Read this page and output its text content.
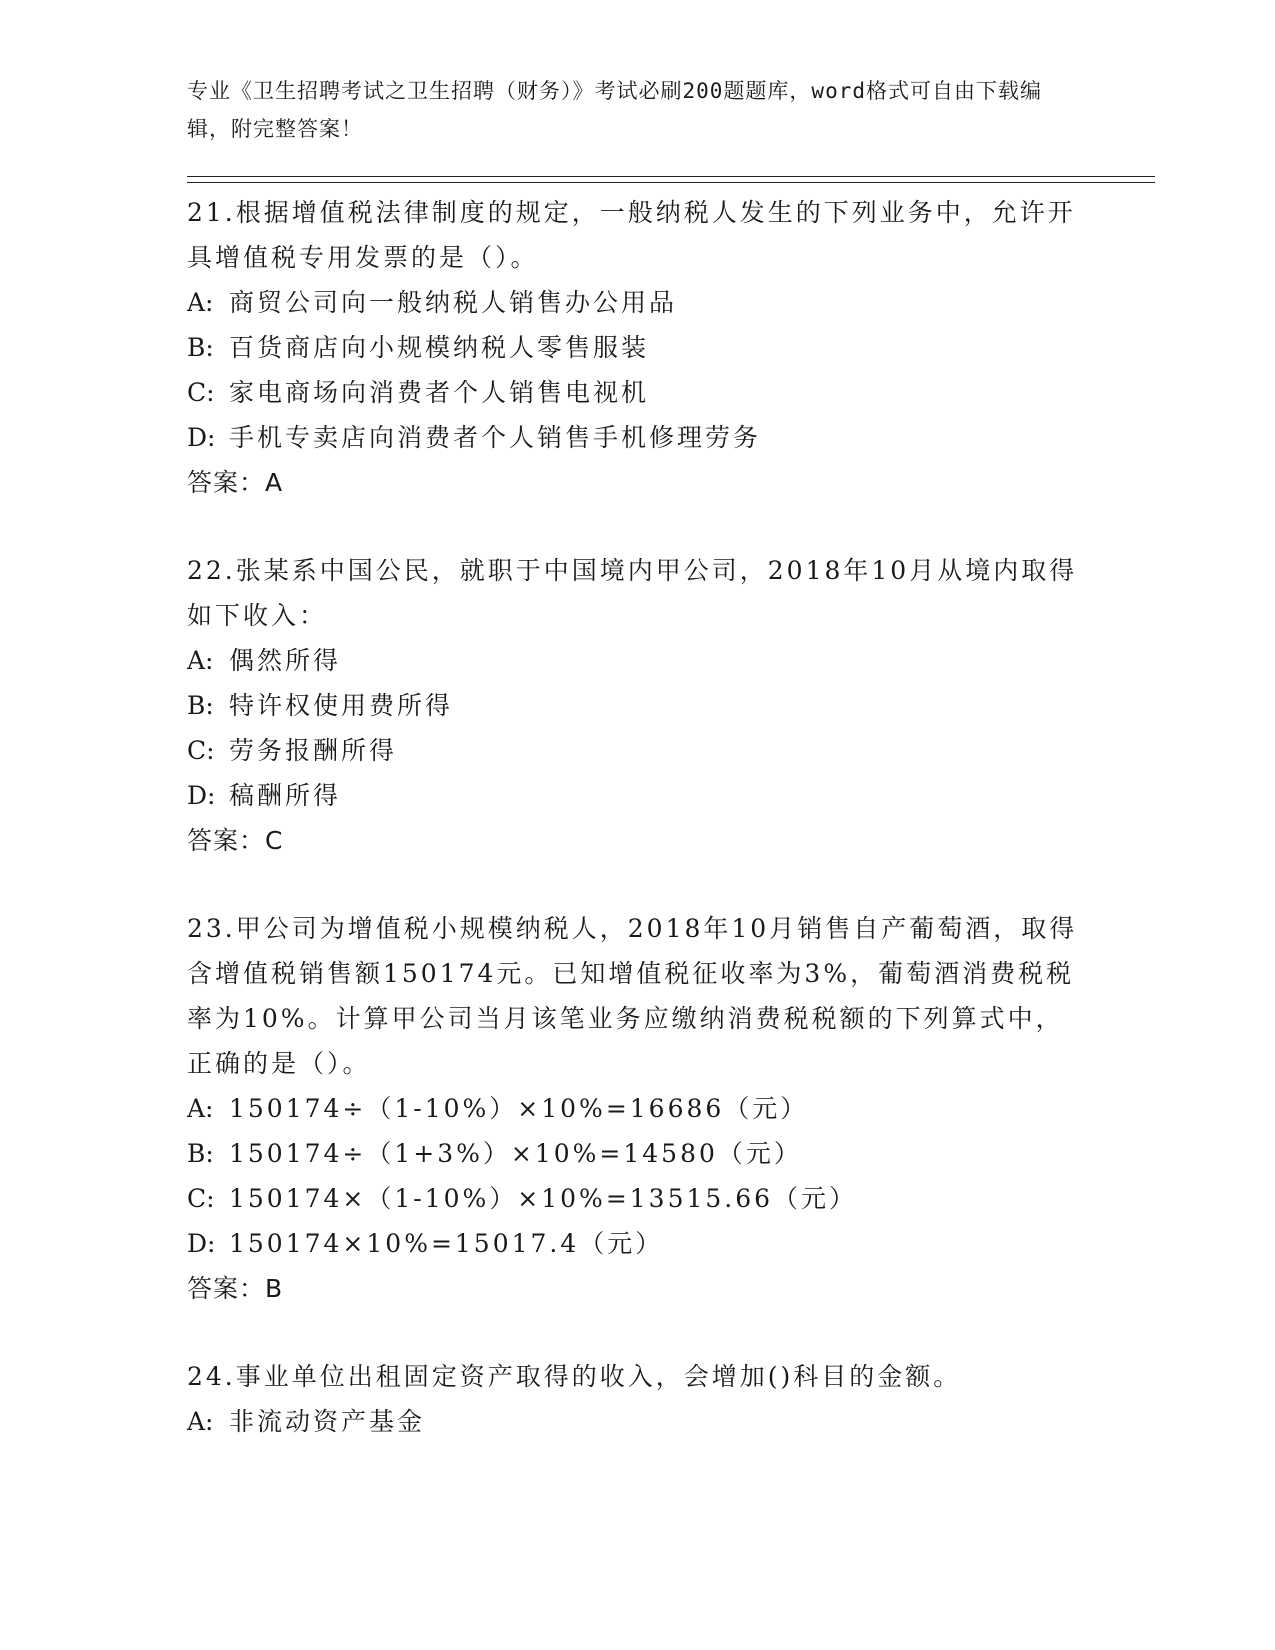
专业《卫生招聘考试之卫生招聘（财务）》考试必刷200题题库，word格式可自由下载编辑，附完整答案！

21.根据增值税法律制度的规定，一般纳税人发生的下列业务中，允许开具增值税专用发票的是（）。

A: 商贸公司向一般纳税人销售办公用品

B: 百货商店向小规模纳税人零售服装

C: 家电商场向消费者个人销售电视机

D: 手机专卖店向消费者个人销售手机修理劳务

答案：A

22.张某系中国公民，就职于中国境内甲公司，2018年10月从境内取得如下收入：

A: 偶然所得

B: 特许权使用费所得

C: 劳务报酬所得

D: 稿酬所得

答案：C

23.甲公司为增值税小规模纳税人，2018年10月销售自产葡萄酒，取得含增值税销售额150174元。已知增值税征收率为3%，葡萄酒消费税税率为10%。计算甲公司当月该笔业务应缴纳消费税税额的下列算式中，正确的是（）。

A: 150174÷（1-10%）×10%=16686（元）

B: 150174÷（1+3%）×10%=14580（元）

C: 150174×（1-10%）×10%=13515.66（元）

D: 150174×10%=15017.4（元）

答案：B

24.事业单位出租固定资产取得的收入，会增加()科目的金额。

A: 非流动资产基金
